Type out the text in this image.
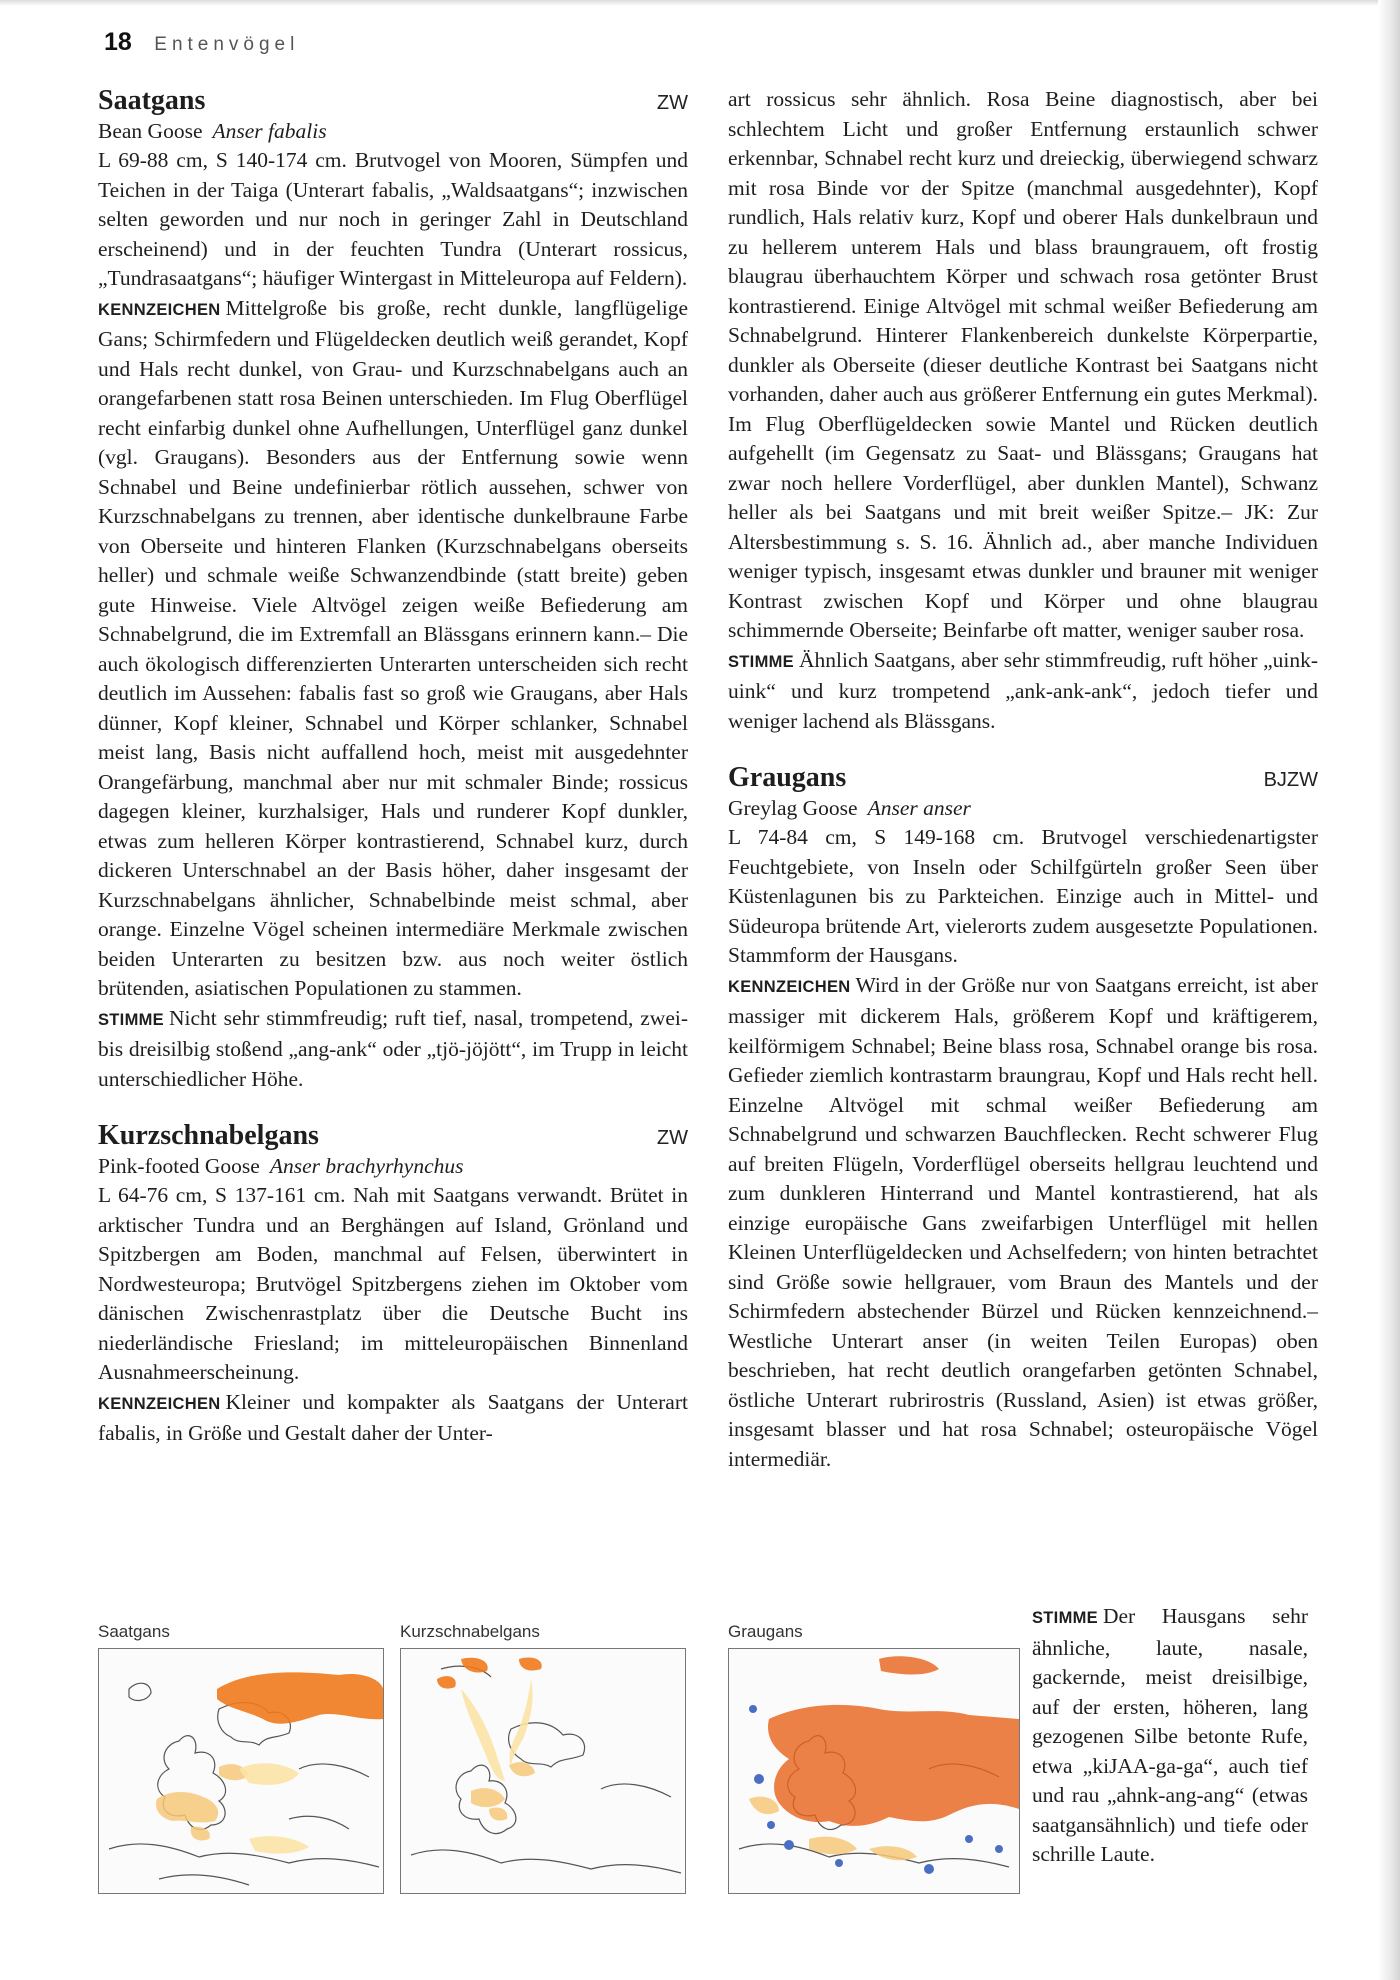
18 Entenvögel
Saatgans	ZW
Bean Goose Anser fabalis

L 69-88 cm, S 140-174 cm. Brutvogel von Mooren, Sümpfen und Teichen in der Taiga (Unterart fabalis, „Waldsaatgans“; inzwischen selten geworden und nur noch in geringer Zahl in Deutschland erscheinend) und in der feuchten Tundra (Unterart rossicus, „Tundrasaatgans“; häufiger Wintergast in Mitteleuropa auf Feldern).

KENNZEICHEN Mittelgroße bis große, recht dunkle, langflügelige Gans; Schirmfedern und Flügeldecken deutlich weiß gerandet, Kopf und Hals recht dunkel, von Grau- und Kurzschnabelgans auch an orangefarbenen statt rosa Beinen unterschieden. Im Flug Oberflügel recht einfarbig dunkel ohne Aufhellungen, Unterflügel ganz dunkel (vgl. Graugans). Besonders aus der Entfernung sowie wenn Schnabel und Beine undefinierbar rötlich aussehen, schwer von Kurzschnabelgans zu trennen, aber identische dunkelbraune Farbe von Oberseite und hinteren Flanken (Kurzschnabelgans oberseits heller) und schmale weiße Schwanzendbinde (statt breite) geben gute Hinweise. Viele Altvögel zeigen weiße Befiederung am Schnabelgrund, die im Extremfall an Blässgans erinnern kann.– Die auch ökologisch differenzierten Unterarten unterscheiden sich recht deutlich im Aussehen: fabalis fast so groß wie Graugans, aber Hals dünner, Kopf kleiner, Schnabel und Körper schlanker, Schnabel meist lang, Basis nicht auffallend hoch, meist mit ausgedehnter Orangefärbung, manchmal aber nur mit schmaler Binde; rossicus dagegen kleiner, kurzhalsiger, Hals und runderer Kopf dunkler, etwas zum helleren Körper kontrastierend, Schnabel kurz, durch dickeren Unterschnabel an der Basis höher, daher insgesamt der Kurzschnabelgans ähnlicher, Schnabelbinde meist schmal, aber orange. Einzelne Vögel scheinen intermediäre Merkmale zwischen beiden Unterarten zu besitzen bzw. aus noch weiter östlich brütenden, asiatischen Populationen zu stammen.

STIMME Nicht sehr stimmfreudig; ruft tief, nasal, trompetend, zwei- bis dreisilbig stoßend „ang-ank“ oder „tjö-jöjött“, im Trupp in leicht unterschiedlicher Höhe.

Kurzschnabelgans	ZW
Pink-footed Goose Anser brachyrhynchus

L 64-76 cm, S 137-161 cm. Nah mit Saatgans verwandt. Brütet in arktischer Tundra und an Berghängen auf Island, Grönland und Spitzbergen am Boden, manchmal auf Felsen, überwintert in Nordwesteuropa; Brutvögel Spitzbergens ziehen im Oktober vom dänischen Zwischenrastplatz über die Deutsche Bucht ins niederländische Friesland; im mitteleuropäischen Binnenland Ausnahmeerscheinung.

KENNZEICHEN Kleiner und kompakter als Saatgans der Unterart fabalis, in Größe und Gestalt daher der Unter-

art rossicus sehr ähnlich. Rosa Beine diagnostisch, aber bei schlechtem Licht und großer Entfernung erstaunlich schwer erkennbar, Schnabel recht kurz und dreieckig, überwiegend schwarz mit rosa Binde vor der Spitze (manchmal ausgedehnter), Kopf rundlich, Hals relativ kurz, Kopf und oberer Hals dunkelbraun und zu hellerem unterem Hals und blass braungrauem, oft frostig blaugrau überhauchtem Körper und schwach rosa getönter Brust kontrastierend. Einige Altvögel mit schmal weißer Befiederung am Schnabelgrund. Hinterer Flankenbereich dunkelste Körperpartie, dunkler als Oberseite (dieser deutliche Kontrast bei Saatgans nicht vorhanden, daher auch aus größerer Entfernung ein gutes Merkmal). Im Flug Oberflügeldecken sowie Mantel und Rücken deutlich aufgehellt (im Gegensatz zu Saat- und Blässgans; Graugans hat zwar noch hellere Vorderflügel, aber dunklen Mantel), Schwanz heller als bei Saatgans und mit breit weißer Spitze.– JK: Zur Altersbestimmung s. S. 16. Ähnlich ad., aber manche Individuen weniger typisch, insgesamt etwas dunkler und brauner mit weniger Kontrast zwischen Kopf und Körper und ohne blaugrau schimmernde Oberseite; Beinfarbe oft matter, weniger sauber rosa.

STIMME Ähnlich Saatgans, aber sehr stimmfreudig, ruft höher „uink-uink“ und kurz trompetend „ank-ank-ank“, jedoch tiefer und weniger lachend als Blässgans.

Graugans	BJZW
Greylag Goose Anser anser

L 74-84 cm, S 149-168 cm. Brutvogel verschiedenartigster Feuchtgebiete, von Inseln oder Schilfgürteln großer Seen über Küstenlagunen bis zu Parkteichen. Einzige auch in Mittel- und Südeuropa brütende Art, vielerorts zudem ausgesetzte Populationen. Stammform der Hausgans.

KENNZEICHEN Wird in der Größe nur von Saatgans erreicht, ist aber massiger mit dickerem Hals, größerem Kopf und kräftigerem, keilförmigem Schnabel; Beine blass rosa, Schnabel orange bis rosa. Gefieder ziemlich kontrastarm braungrau, Kopf und Hals recht hell. Einzelne Altvögel mit schmal weißer Befiederung am Schnabelgrund und schwarzen Bauchflecken. Recht schwerer Flug auf breiten Flügeln, Vorderflügel oberseits hellgrau leuchtend und zum dunkleren Hinterrand und Mantel kontrastierend, hat als einzige europäische Gans zweifarbigen Unterflügel mit hellen Kleinen Unterflügeldecken und Achselfedern; von hinten betrachtet sind Größe sowie hellgrauer, vom Braun des Mantels und der Schirmfedern abstechender Bürzel und Rücken kennzeichnend.– Westliche Unterart anser (in weiten Teilen Europas) oben beschrieben, hat recht deutlich orangefarben getönten Schnabel, östliche Unterart rubrirostris (Russland, Asien) ist etwas größer, insgesamt blasser und hat rosa Schnabel; osteuropäische Vögel intermediär.

STIMME Der Hausgans sehr ähnliche, laute, nasale, gackernde, meist dreisilbige, auf der ersten, höheren, lang gezogenen Silbe betonte Rufe, etwa „kiJAA-ga-ga“, auch tief und rau „ahnk-ang-ang“ (etwas saatgansähnlich) und tiefe oder schrille Laute.

Saatgans	Kurzschnabelgans	Graugans
